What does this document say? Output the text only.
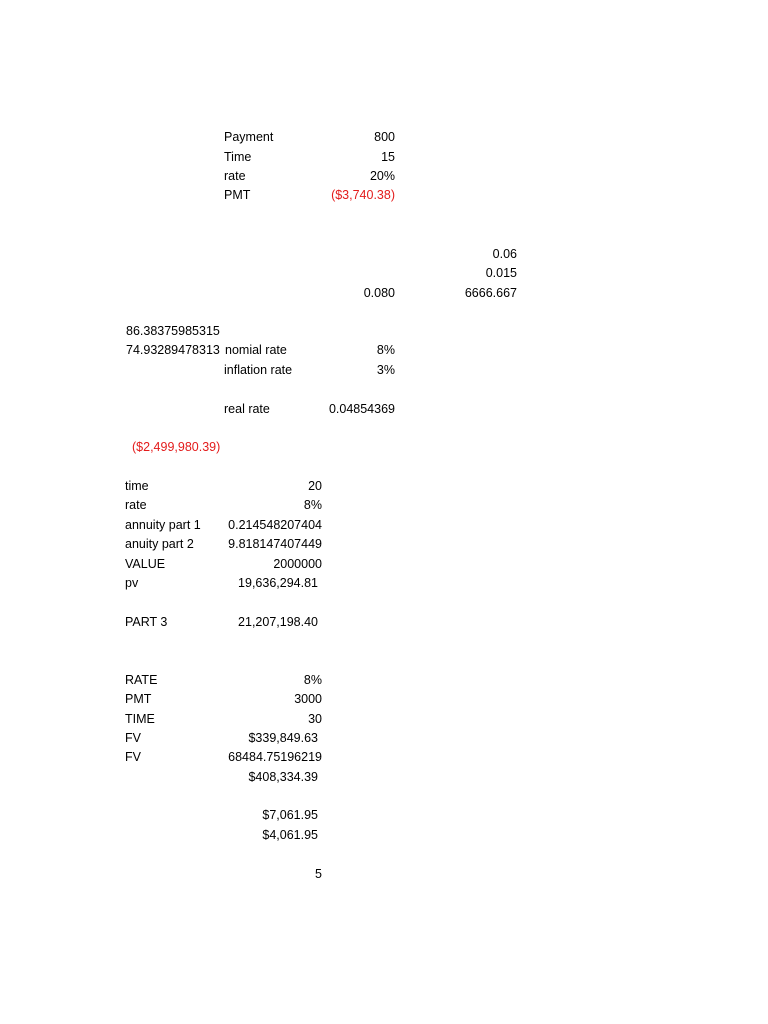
Payment	800
Time	15
rate	20%
PMT	($3,740.38)
0.06
0.015
0.080	6666.667
86.38375985315
74.93289478313 nomial rate	8%
inflation rate	3%
real rate	0.04854369
($2,499,980.39)
time	20
rate	8%
annuity part 1	0.214548207404
anuity part 2	9.818147407449
VALUE	2000000
pv	19,636,294.81
PART 3	21,207,198.40
RATE	8%
PMT	3000
TIME	30
FV	$339,849.63
FV	68484.75196219
$408,334.39
$7,061.95
$4,061.95
5
